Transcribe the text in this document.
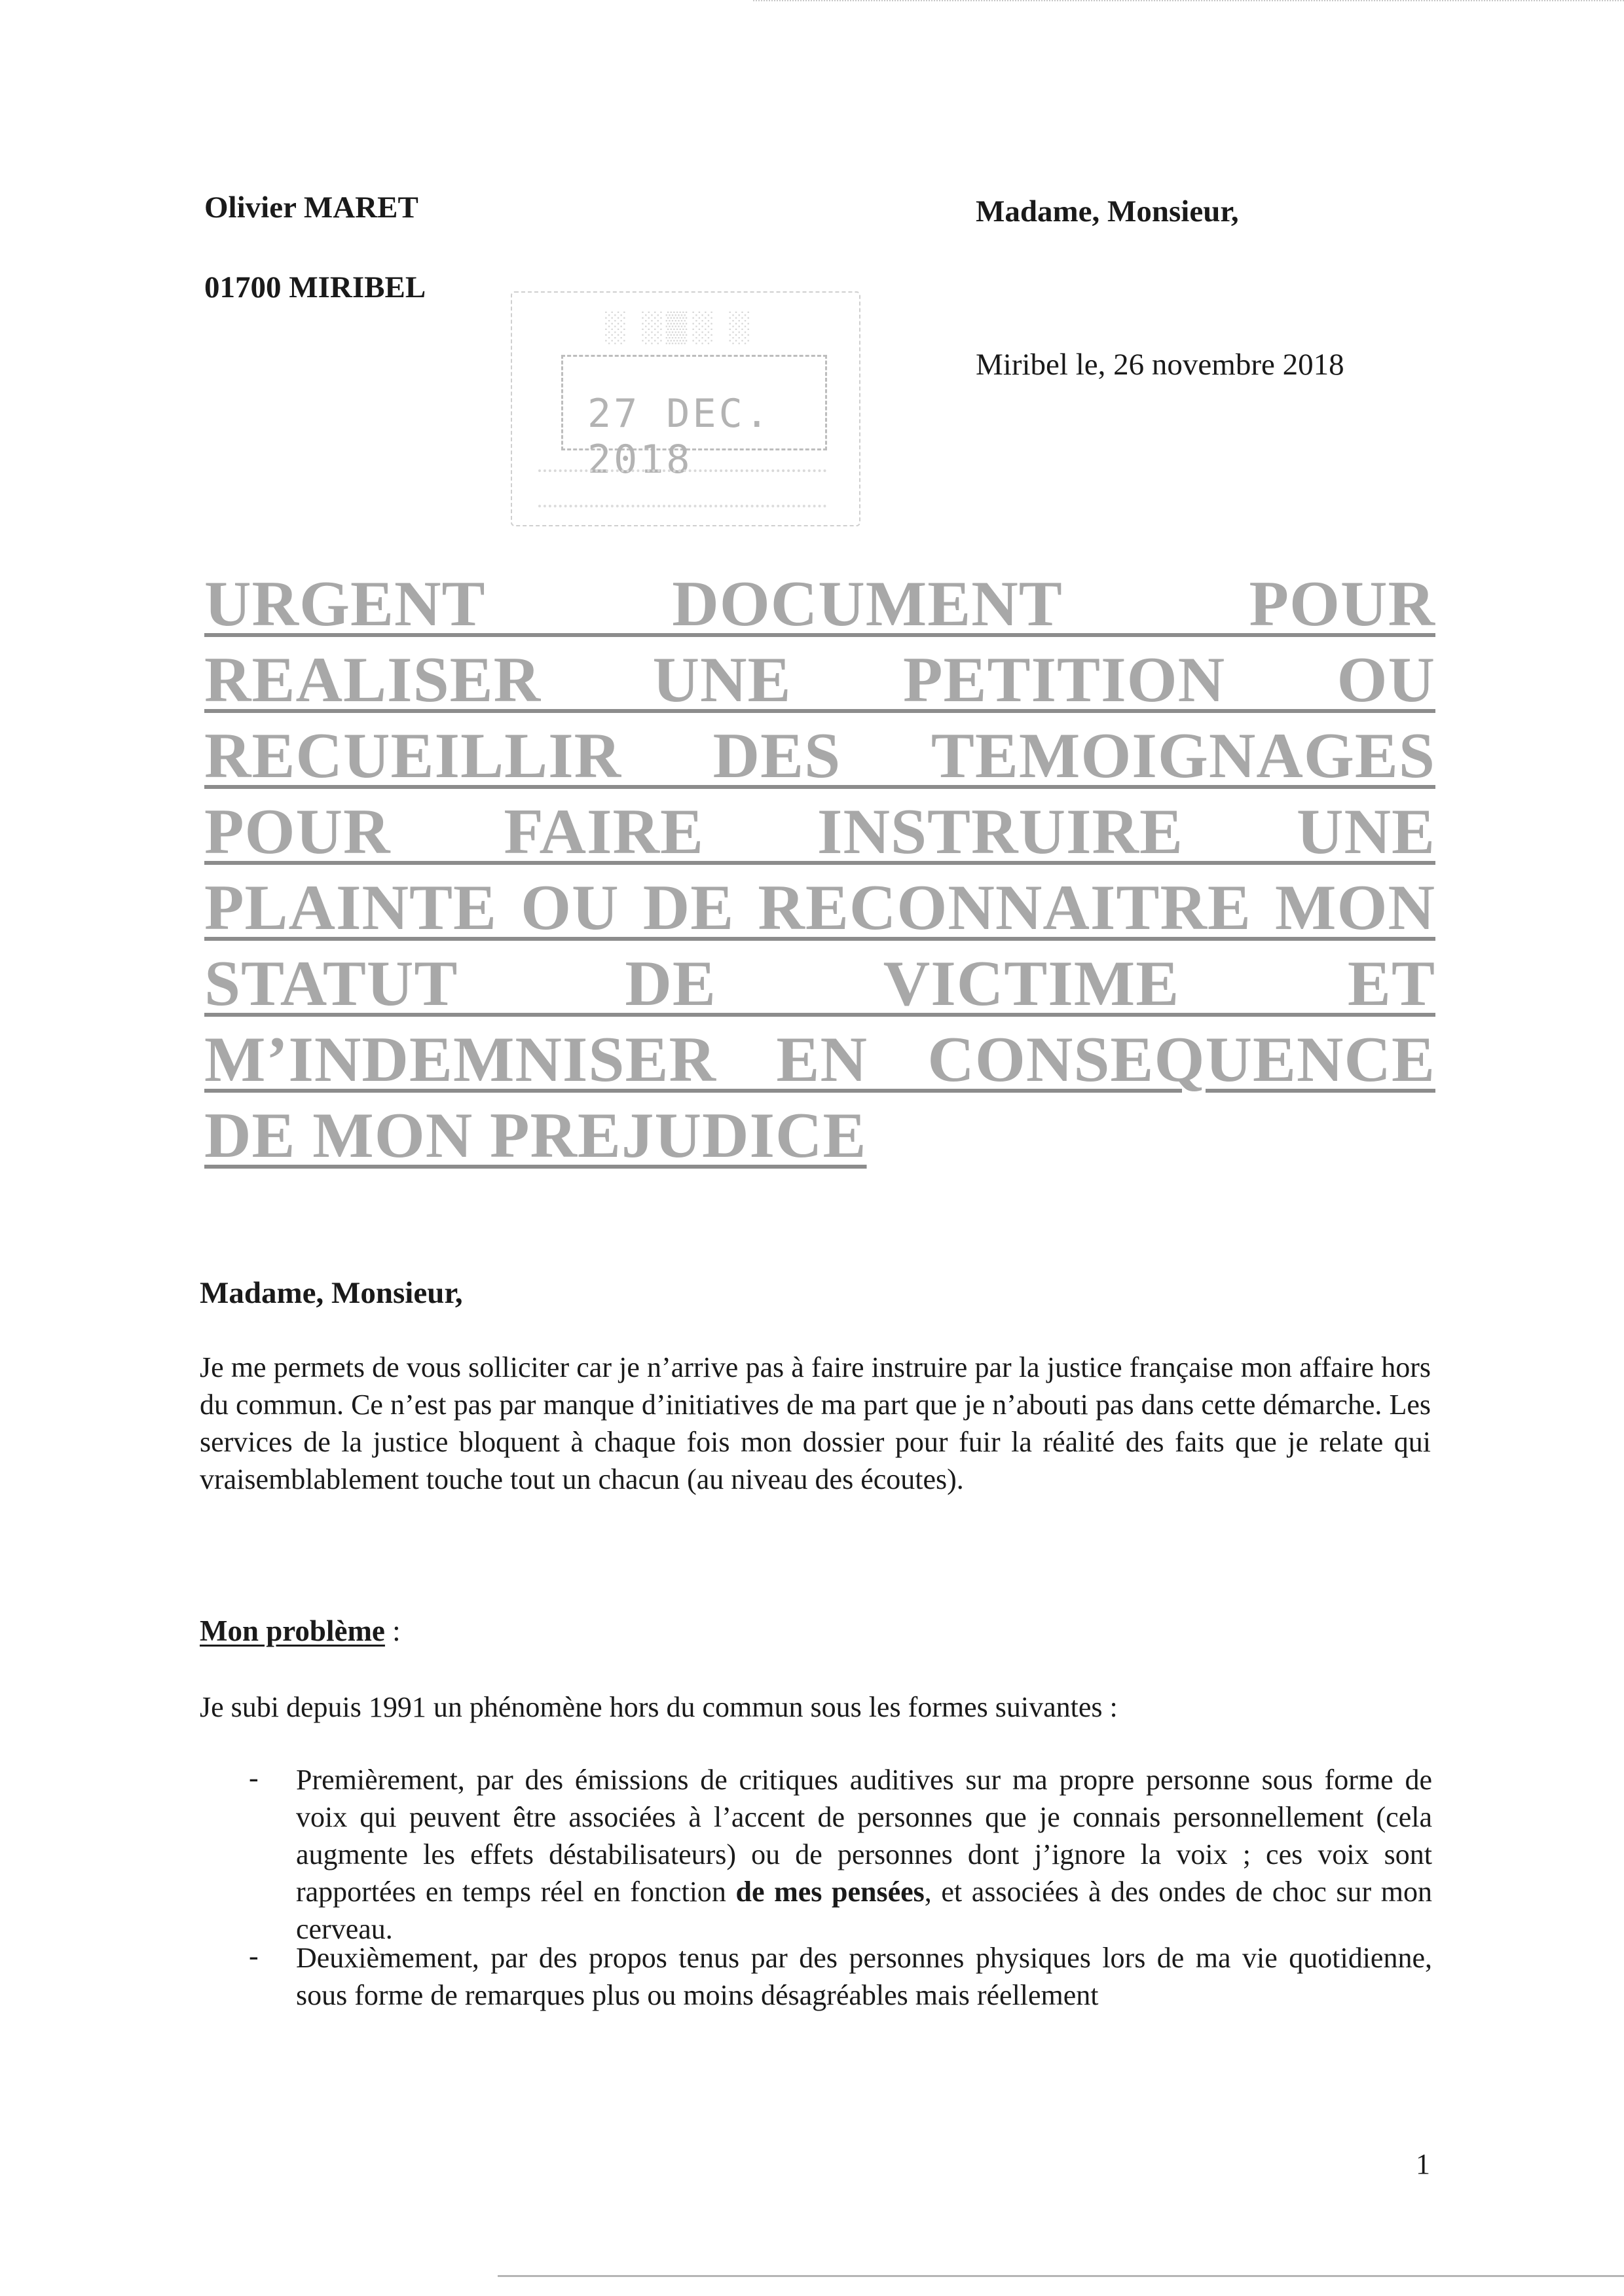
Olivier MARET
01700 MIRIBEL
Madame, Monsieur,
Miribel le, 26 novembre 2018
░ ░▒░ ░
27 DEC. 2018
URGENT DOCUMENT POUR
REALISER UNE PETITION OU
RECUEILLIR DES TEMOIGNAGES
POUR FAIRE INSTRUIRE UNE
PLAINTE OU DE RECONNAITRE MON
STATUT DE VICTIME ET
M’INDEMNISER EN CONSEQUENCE
DE MON PREJUDICE
Madame, Monsieur,

Je me permets de vous solliciter car je n’arrive pas à faire instruire par la justice française mon affaire hors du commun. Ce n’est pas par manque d’initiatives de ma part que je n’abouti pas dans cette démarche. Les services de la justice bloquent à chaque fois mon dossier pour fuir la réalité des faits que je relate qui vraisemblablement touche tout un chacun (au niveau des écoutes).

Mon problème :
Je subi depuis 1991 un phénomène hors du commun sous les formes suivantes :
- Premièrement, par des émissions de critiques auditives sur ma propre personne sous forme de voix qui peuvent être associées à l’accent de personnes que je connais personnellement (cela augmente les effets déstabilisateurs) ou de personnes dont j’ignore la voix ; ces voix sont rapportées en temps réel en fonction de mes pensées, et associées à des ondes de choc sur mon cerveau.

- Deuxièmement, par des propos tenus par des personnes physiques lors de ma vie quotidienne, sous forme de remarques plus ou moins désagréables mais réellement

1
